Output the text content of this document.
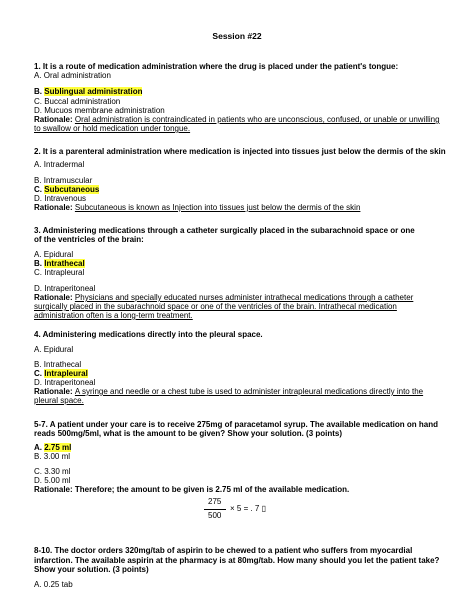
Session #22
1. It is a route of medication administration where the drug is placed under the patient's tongue:
A. Oral administration
B. Sublingual administration
C. Buccal administration
D. Mucuos membrane administration
Rationale: Oral administration is contraindicated in patients who are unconscious, confused, or unable or unwilling
to swallow or hold medication under tongue.
2. It is a parenteral administration where medication is injected into tissues just below the dermis of the skin
A. Intradermal
B. Intramuscular
C. Subcutaneous
D. Intravenous
Rationale: Subcutaneous is known as Injection into tissues just below the dermis of the skin
3. Administering medications through a catheter surgically placed in the subarachnoid space or one
of the ventricles of the brain:
A. Epidural
B. Intrathecal
C. Intrapleural
D. Intraperitoneal
Rationale: Physicians and specially educated nurses administer intrathecal medications through a catheter
surgically placed in the subarachnoid space or one of the ventricles of the brain. Intrathecal medication
administration often is a long-term treatment.
4. Administering medications directly into the pleural space.
A. Epidural
B. Intrathecal
C. Intrapleural
D. Intraperitoneal
Rationale: A syringe and needle or a chest tube is used to administer intrapleural medications directly into the
pleural space.
5-7. A patient under your care is to receive 275mg of paracetamol syrup. The available medication on hand
reads 500mg/5ml, what is the amount to be given? Show your solution. (3 points)
A. 2.75 ml
B. 3.00 ml
C. 3.30 ml
D. 5.00 ml
Rationale: Therefore; the amount to be given is 2.75 ml of the available medication.
275
500
× 5 = . 7 ▯
8-10. The doctor orders 320mg/tab of aspirin to be chewed to a patient who suffers from myocardial
infarction. The available aspirin at the pharmacy is at 80mg/tab. How many should you let the patient take?
Show your solution. (3 points)
A. 0.25 tab
